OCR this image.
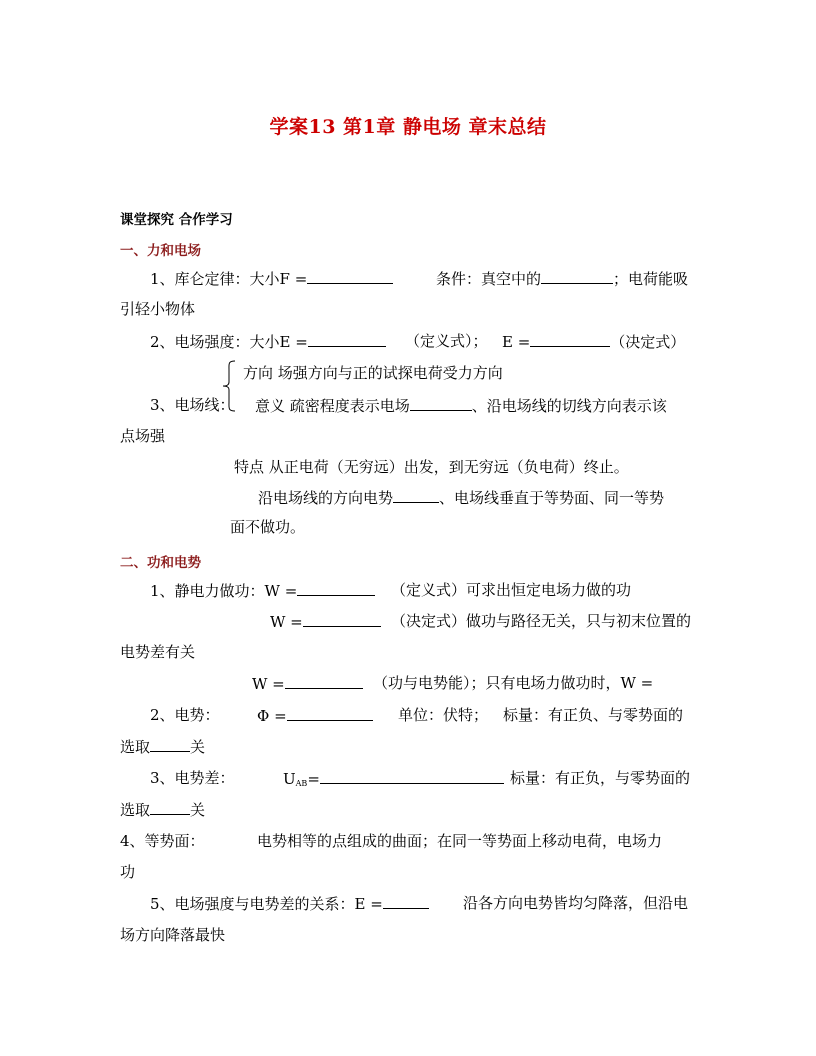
学案13 第1章 静电场 章末总结
课堂探究 合作学习
一、力和电场
1、库仑定律：大小F =	条件：真空中的	；电荷能吸
引轻小物体
2、电场强度：大小E =	（定义式）； E =	（决定式）
方向 场强方向与正的试探电荷受力方向
3、电场线： 意义 疏密程度表示电场	、沿电场线的切线方向表示该
点场强
特点 从正电荷（无穷远）出发，到无穷远（负电荷）终止。
沿电场线的方向电势	、电场线垂直于等势面、同一等势
面不做功。
二、功和电势
1、静电力做功：W =	（定义式）可求出恒定电场力做的功
W =	（决定式）做功与路径无关，只与初末位置的
电势差有关
W =	（功与电势能）；只有电场力做功时，W =
2、电势： Φ =	单位：伏特； 标量：有正负、与零势面的
选取	关
3、电势差：	$U_{AB}=$	标量：有正负，与零势面的
选取	关
4、等势面：	电势相等的点组成的曲面；在同一等势面上移动电荷，电场力
功
5、电场强度与电势差的关系：E =	沿各方向电势皆均匀降落，但沿电
场方向降落最快
